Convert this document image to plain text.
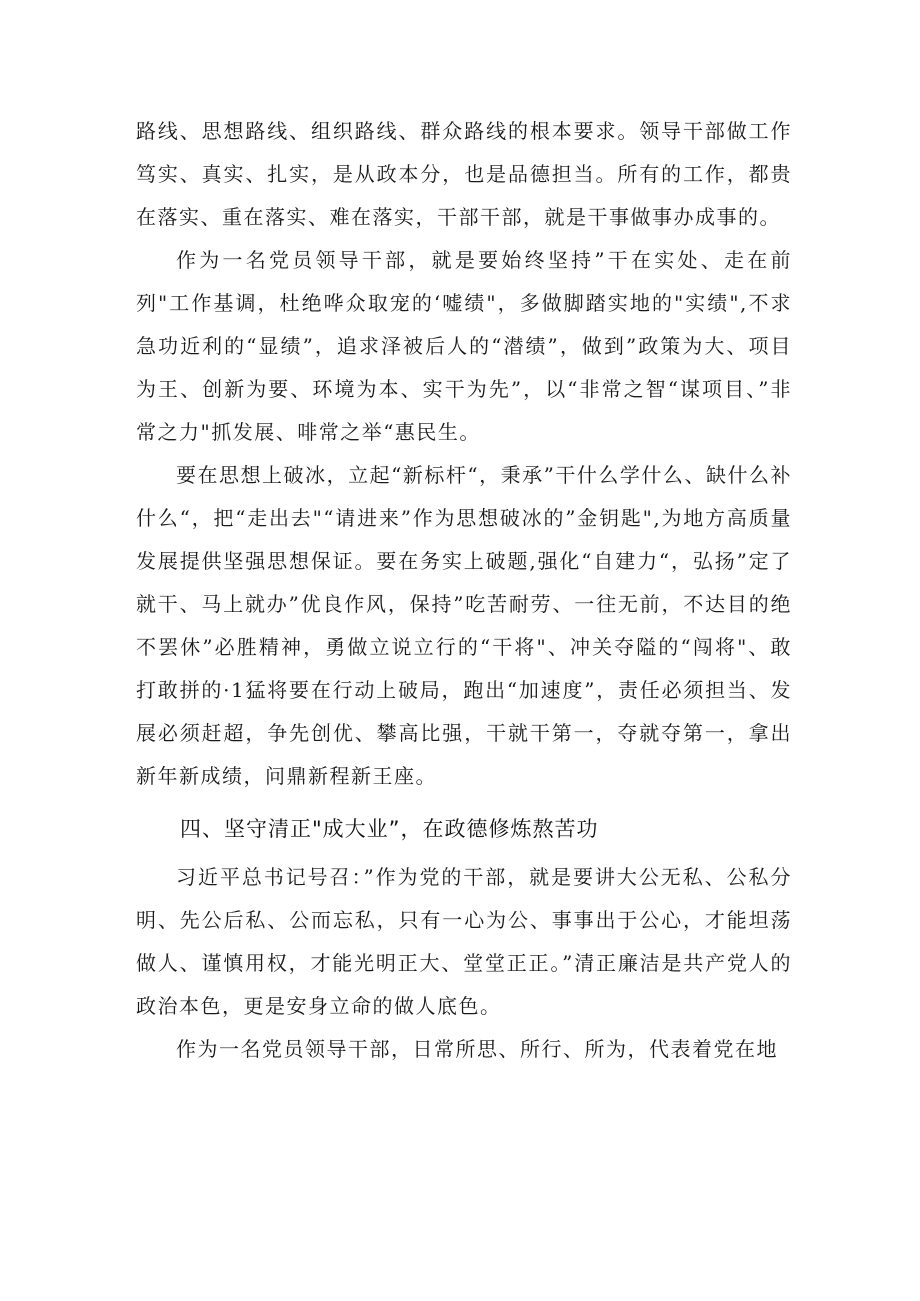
路线、思想路线、组织路线、群众路线的根本要求。领导干部做工作笃实、真实、扎实，是从政本分，也是品德担当。所有的工作，都贵在落实、重在落实、难在落实，干部干部，就是干事做事办成事的。

作为一名党员领导干部，就是要始终坚持”干在实处、走在前列"工作基调，杜绝哗众取宠的‘嘘绩"，多做脚踏实地的"实绩",不求急功近利的“显绩”，追求泽被后人的“潜绩”，做到”政策为大、项目为王、创新为要、环境为本、实干为先”，以“非常之智“谋项目、”非常之力"抓发展、啡常之举“惠民生。

要在思想上破冰，立起“新标杆“，秉承”干什么学什么、缺什么补什么“，把“走出去"“请进来”作为思想破冰的”金钥匙",为地方高质量发展提供坚强思想保证。要在务实上破题,强化“自建力“，弘扬”定了就干、马上就办”优良作风，保持”吃苦耐劳、一往无前，不达目的绝不罢休”必胜精神，勇做立说立行的“干将"、冲关夺隘的“闯将"、敢打敢拼的·1猛将要在行动上破局，跑出“加速度”，责任必须担当、发展必须赶超，争先创优、攀高比强，干就干第一，夺就夺第一，拿出新年新成绩，问鼎新程新王座。

四、坚守清正"成大业”，在政德修炼熬苦功

习近平总书记号召：”作为党的干部，就是要讲大公无私、公私分明、先公后私、公而忘私，只有一心为公、事事出于公心，才能坦荡做人、谨慎用权，才能光明正大、堂堂正正。”清正廉洁是共产党人的政治本色，更是安身立命的做人底色。

作为一名党员领导干部，日常所思、所行、所为，代表着党在地
